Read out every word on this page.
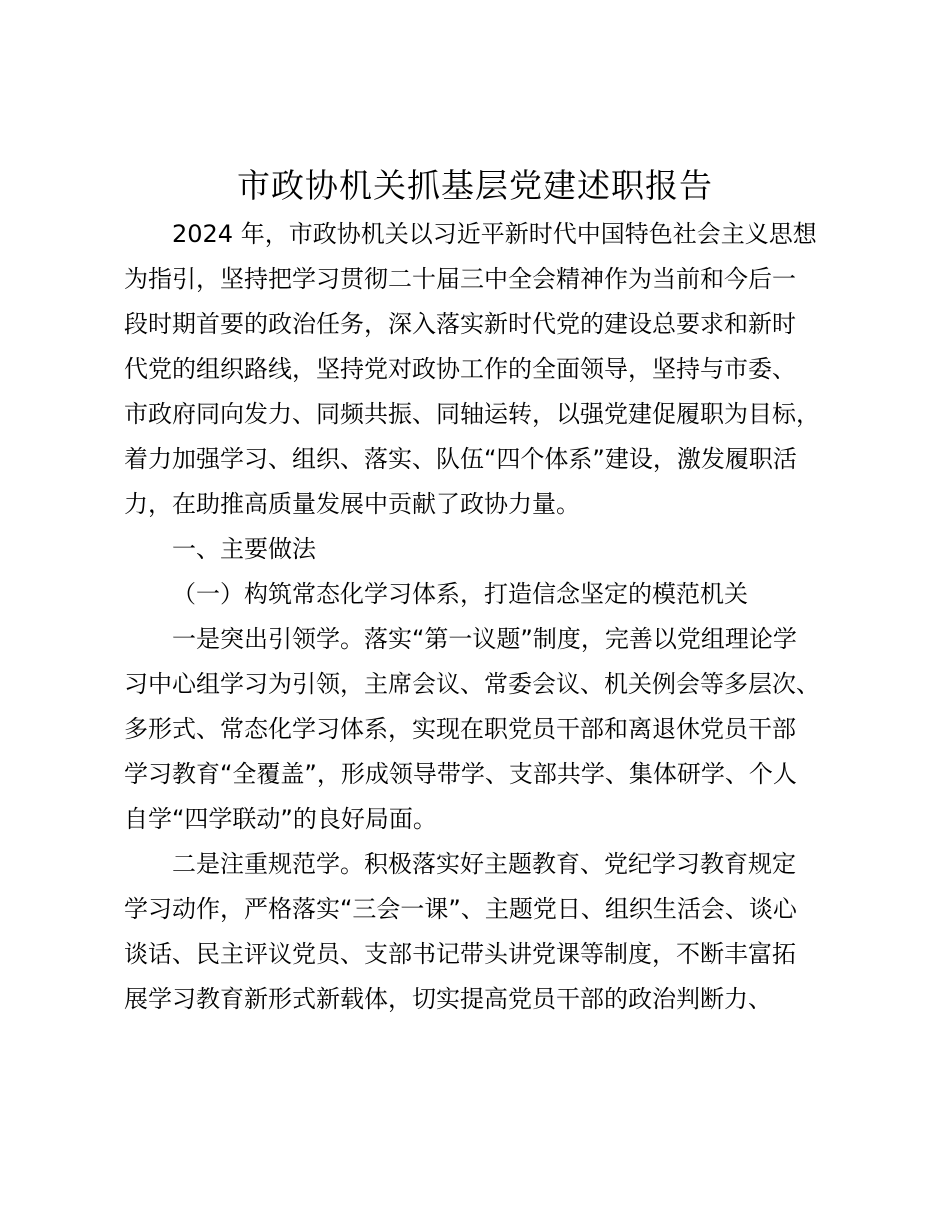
市政协机关抓基层党建述职报告
2024 年，市政协机关以习近平新时代中国特色社会主义思想
为指引，坚持把学习贯彻二十届三中全会精神作为当前和今后一
段时期首要的政治任务，深入落实新时代党的建设总要求和新时
代党的组织路线，坚持党对政协工作的全面领导，坚持与市委、
市政府同向发力、同频共振、同轴运转，以强党建促履职为目标，
着力加强学习、组织、落实、队伍“四个体系”建设，激发履职活
力，在助推高质量发展中贡献了政协力量。
一、主要做法
（一）构筑常态化学习体系，打造信念坚定的模范机关
一是突出引领学。落实“第一议题”制度，完善以党组理论学
习中心组学习为引领，主席会议、常委会议、机关例会等多层次、
多形式、常态化学习体系，实现在职党员干部和离退休党员干部
学习教育“全覆盖”，形成领导带学、支部共学、集体研学、个人
自学“四学联动”的良好局面。
二是注重规范学。积极落实好主题教育、党纪学习教育规定
学习动作，严格落实“三会一课”、主题党日、组织生活会、谈心
谈话、民主评议党员、支部书记带头讲党课等制度，不断丰富拓
展学习教育新形式新载体，切实提高党员干部的政治判断力、
